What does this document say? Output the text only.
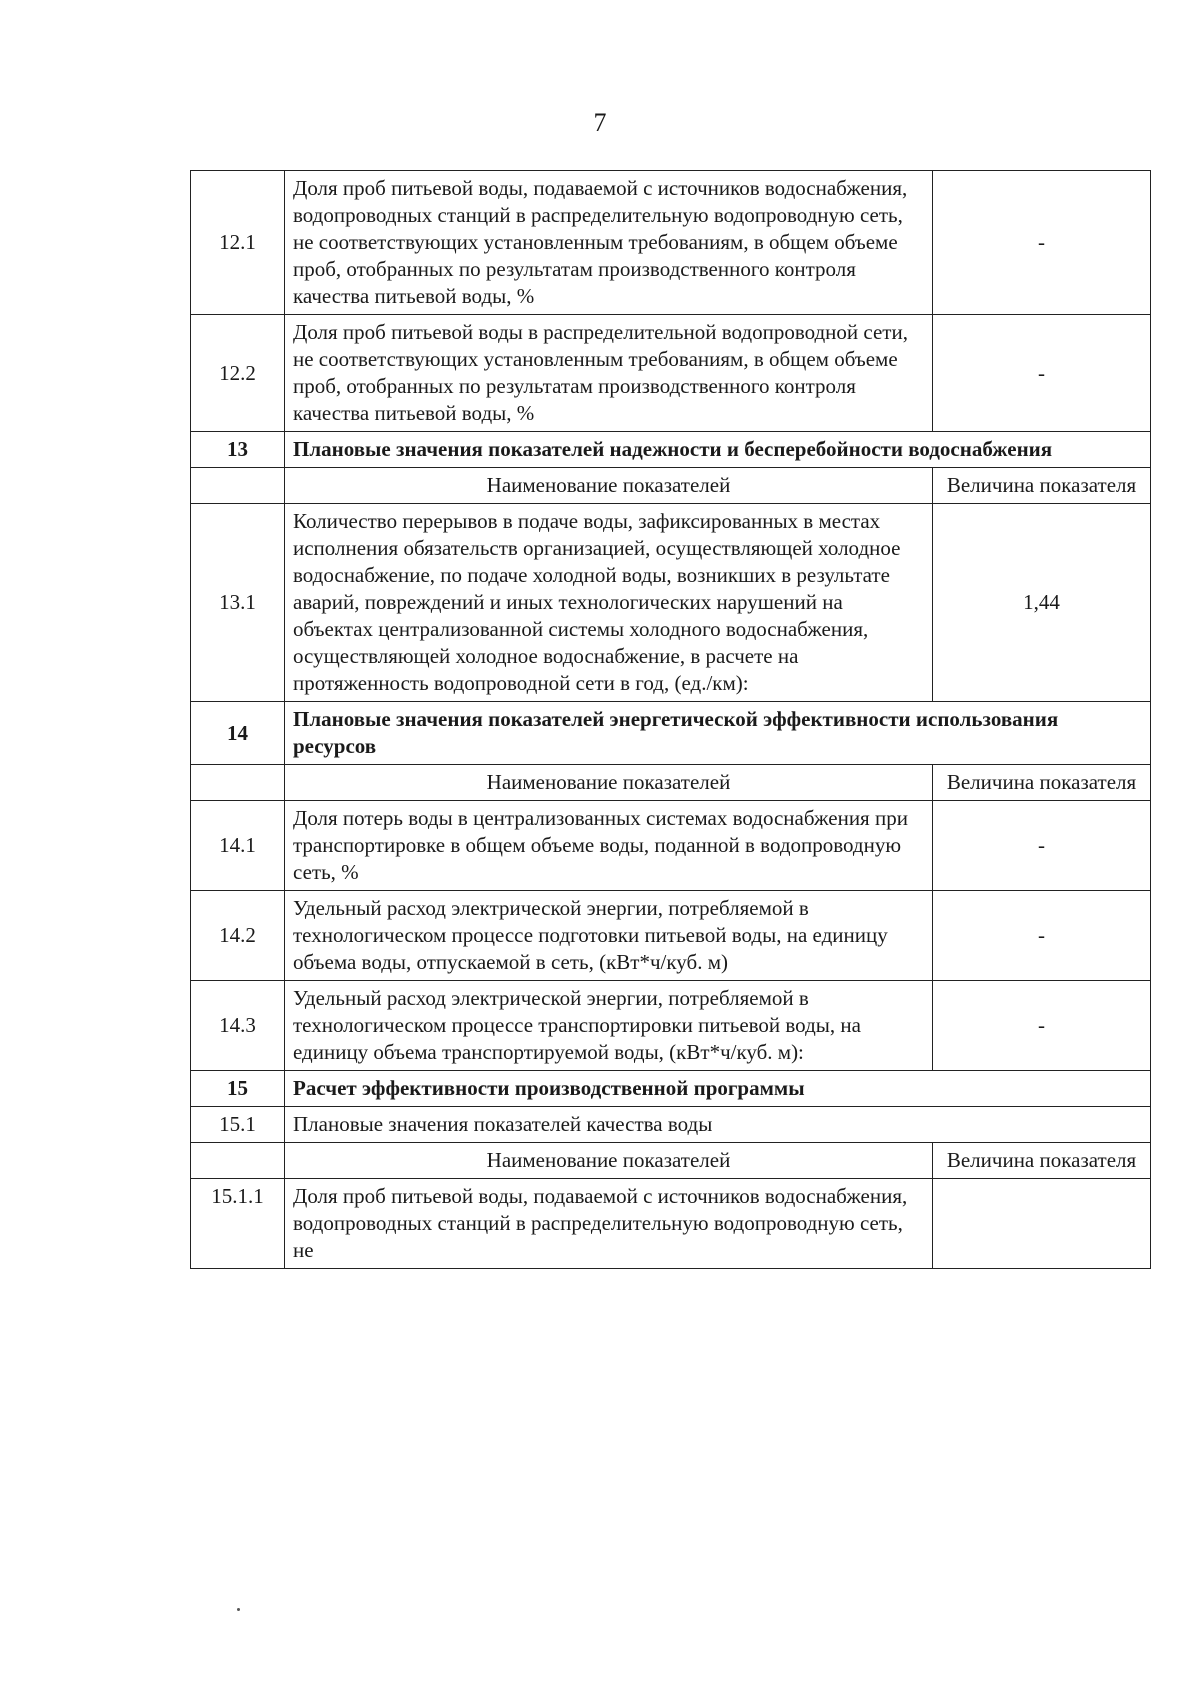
7
12.1	Доля проб питьевой воды, подаваемой с источников водоснабжения, водопроводных станций в распределительную водопроводную сеть, не соответствующих установленным требованиям, в общем объеме проб, отобранных по результатам производственного контроля качества питьевой воды, %	-
12.2	Доля проб питьевой воды в распределительной водопроводной сети, не соответствующих установленным требованиям, в общем объеме проб, отобранных по результатам производственного контроля качества питьевой воды, %	-
13	Плановые значения показателей надежности и бесперебойности водоснабжения	
	Наименование показателей	Величина показателя
13.1	Количество перерывов в подаче воды, зафиксированных в местах исполнения обязательств организацией, осуществляющей холодное водоснабжение, по подаче холодной воды, возникших в результате аварий, повреждений и иных технологических нарушений на объектах централизованной системы холодного водоснабжения, осуществляющей холодное водоснабжение, в расчете на протяженность водопроводной сети в год, (ед./км):	1,44
14	Плановые значения показателей энергетической эффективности использования ресурсов	
	Наименование показателей	Величина показателя
14.1	Доля потерь воды в централизованных системах водоснабжения при транспортировке в общем объеме воды, поданной в водопроводную сеть, %	-
14.2	Удельный расход электрической энергии, потребляемой в технологическом процессе подготовки питьевой воды, на единицу объема воды, отпускаемой в сеть, (кВт*ч/куб. м)	-
14.3	Удельный расход электрической энергии, потребляемой в технологическом процессе транспортировки питьевой воды, на единицу объема транспортируемой воды, (кВт*ч/куб. м):	-
15	Расчет эффективности производственной программы	
15.1	Плановые значения показателей качества воды	
	Наименование показателей	Величина показателя
15.1.1	Доля проб питьевой воды, подаваемой с источников водоснабжения, водопроводных станций в распределительную водопроводную сеть, не	
